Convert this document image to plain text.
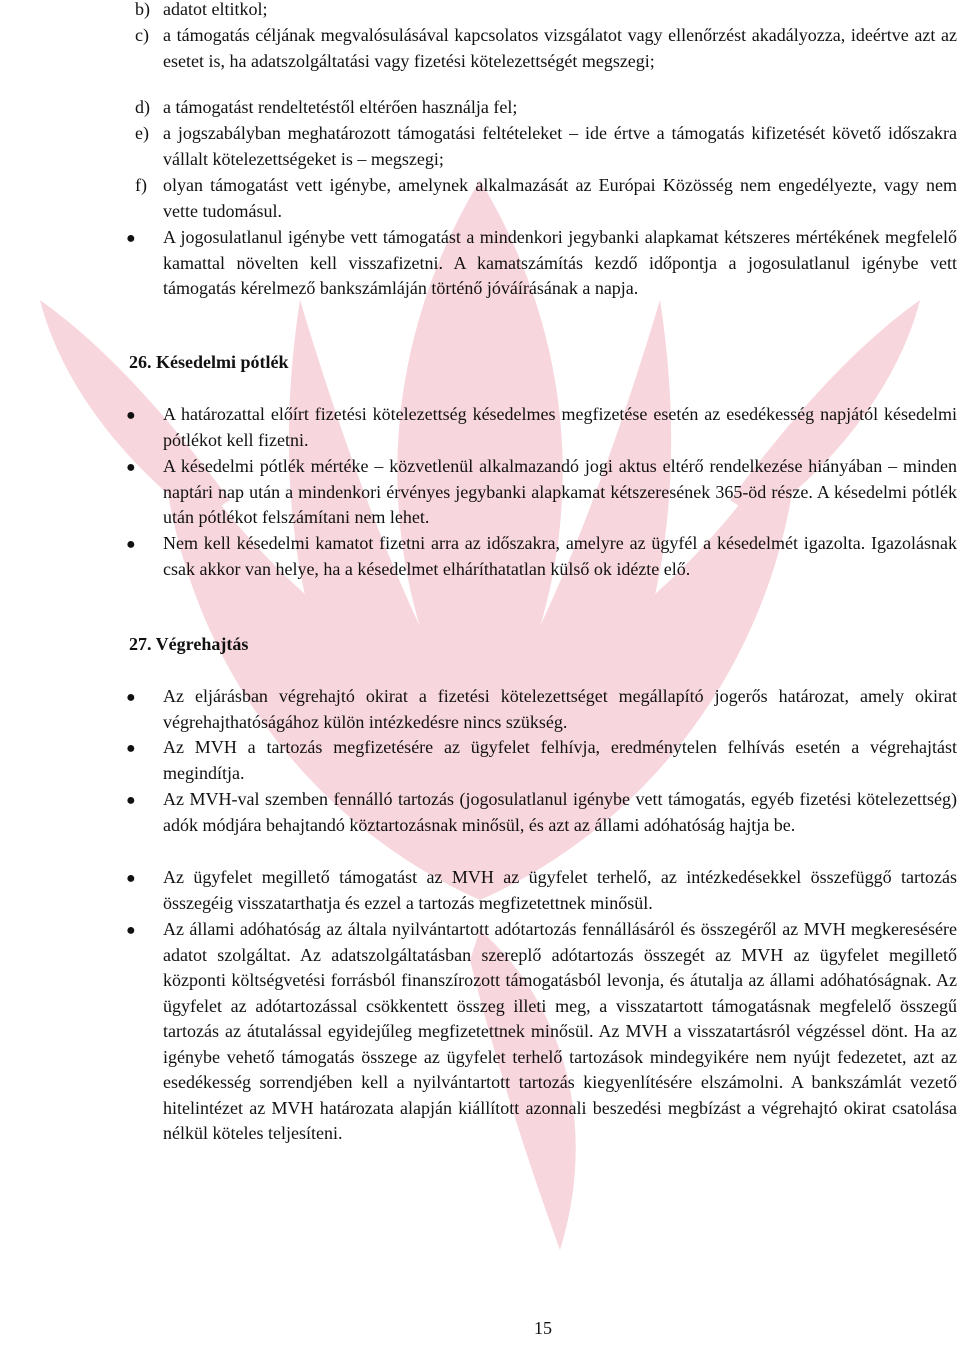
b) adatot eltitkol;
c) a támogatás céljának megvalósulásával kapcsolatos vizsgálatot vagy ellenőrzést akadályozza, ideértve azt az esetet is, ha adatszolgáltatási vagy fizetési kötelezettségét megszegi;
d) a támogatást rendeltetéstől eltérően használja fel;
e) a jogszabályban meghatározott támogatási feltételeket – ide értve a támogatás kifizetését követő időszakra vállalt kötelezettségeket is – megszegi;
f) olyan támogatást vett igénybe, amelynek alkalmazását az Európai Közösség nem engedélyezte, vagy nem vette tudomásul.
● A jogosulatlanul igénybe vett támogatást a mindenkori jegybanki alapkamat kétszeres mértékének megfelelő kamattal növelten kell visszafizetni. A kamatszámítás kezdő időpontja a jogosulatlanul igénybe vett támogatás kérelmező bankszámláján történő jóváírásának a napja.
26. Késedelmi pótlék
● A határozattal előírt fizetési kötelezettség késedelmes megfizetése esetén az esedékesség napjától késedelmi pótlékot kell fizetni.
● A késedelmi pótlék mértéke – közvetlenül alkalmazandó jogi aktus eltérő rendelkezése hiányában – minden naptári nap után a mindenkori érvényes jegybanki alapkamat kétszeresének 365-öd része. A késedelmi pótlék után pótlékot felszámítani nem lehet.
● Nem kell késedelmi kamatot fizetni arra az időszakra, amelyre az ügyfél a késedelmét igazolta. Igazolásnak csak akkor van helye, ha a késedelmet elháríthatatlan külső ok idézte elő.
27. Végrehajtás
● Az eljárásban végrehajtó okirat a fizetési kötelezettséget megállapító jogerős határozat, amely okirat végrehajthatóságához külön intézkedésre nincs szükség.
● Az MVH a tartozás megfizetésére az ügyfelet felhívja, eredménytelen felhívás esetén a végrehajtást megindítja.
● Az MVH-val szemben fennálló tartozás (jogosulatlanul igénybe vett támogatás, egyéb fizetési kötelezettség) adók módjára behajtandó köztartozásnak minősül, és azt az állami adóhatóság hajtja be.
● Az ügyfelet megillető támogatást az MVH az ügyfelet terhelő, az intézkedésekkel összefüggő tartozás összegéig visszatarthatja és ezzel a tartozás megfizetettnek minősül.
● Az állami adóhatóság az általa nyilvántartott adótartozás fennállásáról és összegéről az MVH megkeresésére adatot szolgáltat. Az adatszolgáltatásban szereplő adótartozás összegét az MVH az ügyfelet megillető központi költségvetési forrásból finanszírozott támogatásból levonja, és átutalja az állami adóhatóságnak. Az ügyfelet az adótartozással csökkentett összeg illeti meg, a visszatartott támogatásnak megfelelő összegű tartozás az átutalással egyidejűleg megfizetettnek minősül. Az MVH a visszatartásról végzéssel dönt. Ha az igénybe vehető támogatás összege az ügyfelet terhelő tartozások mindegyikére nem nyújt fedezetet, azt az esedékesség sorrendjében kell a nyilvántartott tartozás kiegyenlítésére elszámolni. A bankszámlát vezető hitelintézet az MVH határozata alapján kiállított azonnali beszedési megbízást a végrehajtó okirat csatolása nélkül köteles teljesíteni.
15
